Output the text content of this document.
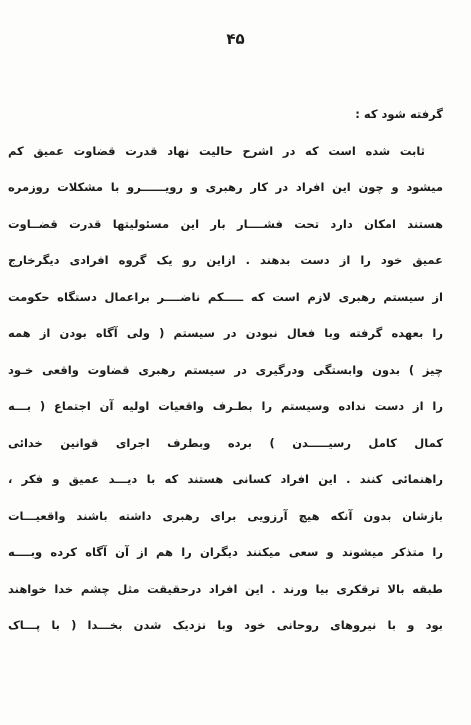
۴۵
گرفته شود که :
ثابت شده است که در اشرح حالیت نهاد قدرت قضاوت عمیق کم
میشود و چون این افراد در کار رهبری و رویــــــرو با مشکلات روزمره
هستند امکان دارد تحت فشــــار بار این مسئولیتها قدرت قضــاوت
عمیق خود را از دست بدهند . ازاین رو یک گروه افرادی دیگرخارج
از سیستم رهبری لازم است که ـــــکم ناضــــر براعمال دستگاه حکومت
را بعهده گرفته وبا فعال نبودن در سیستم ( ولی آگاه بودن از همه
چیز ) بدون وابستگی ودرگیری در سیستم رهبری قضاوت واقعی خـود
را از دست نداده وسیستم را بطـرف واقعیات اولیه آن اجتماع ( بـــه
کمال کامل رسیـــــدن ) برده وبطرف اجرای قوانین خدائی
راهنمائی کنند . این افراد کسانی هستند که با دیـــد عمیق و فکر ،
بازشان بدون آنکه هیچ آرزویی برای رهبری داشته باشند واقعیـــات
را متذکر میشوند و سعی میکنند دیگران را هم از آن آگاه کرده وبــــه
طبقه بالا ترقکری بیا ورند . این افراد درحقیقت مثل چشم خدا خواهند
بود و با نیروهای روحانی خود وبا نزدیک شدن بخـــدا ( با پـــاک
